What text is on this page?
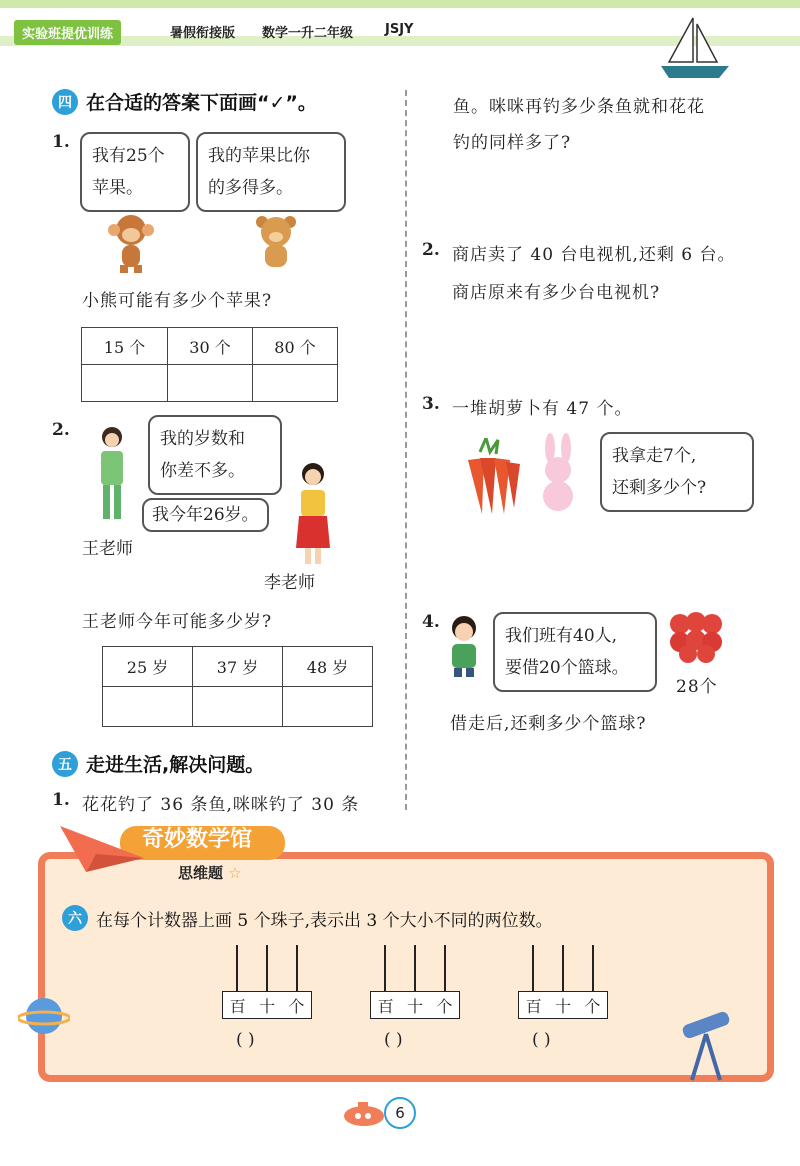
实验班提优训练	暑假衔接版 数学一升二年级 JSJY
四 在合适的答案下面画“✓”。
1.
我有25个
苹果。
我的苹果比你
的多得多。
小熊可能有多少个苹果?
15 个	30 个	80 个

2.	我的岁数和
你差不多。
我今年26岁。
王老师
李老师
王老师今年可能多少岁?
25 岁	37 岁	48 岁

五 走进生活,解决问题。
1. 花花钓了 36 条鱼,咪咪钓了 30 条
鱼。咪咪再钓多少条鱼就和花花
钓的同样多了?
2. 商店卖了 40 台电视机,还剩 6 台。
商店原来有多少台电视机?
3. 一堆胡萝卜有 47 个。
我拿走7个,
还剩多少个?
4.
我们班有40人,
要借20个篮球。
28个
借走后,还剩多少个篮球?
奇妙数学馆
思维题 ☆
六 在每个计数器上画 5 个珠子,表示出 3 个大小不同的两位数。
百 十 个
( )
百 十 个
( )
百 十 个
( )
6
